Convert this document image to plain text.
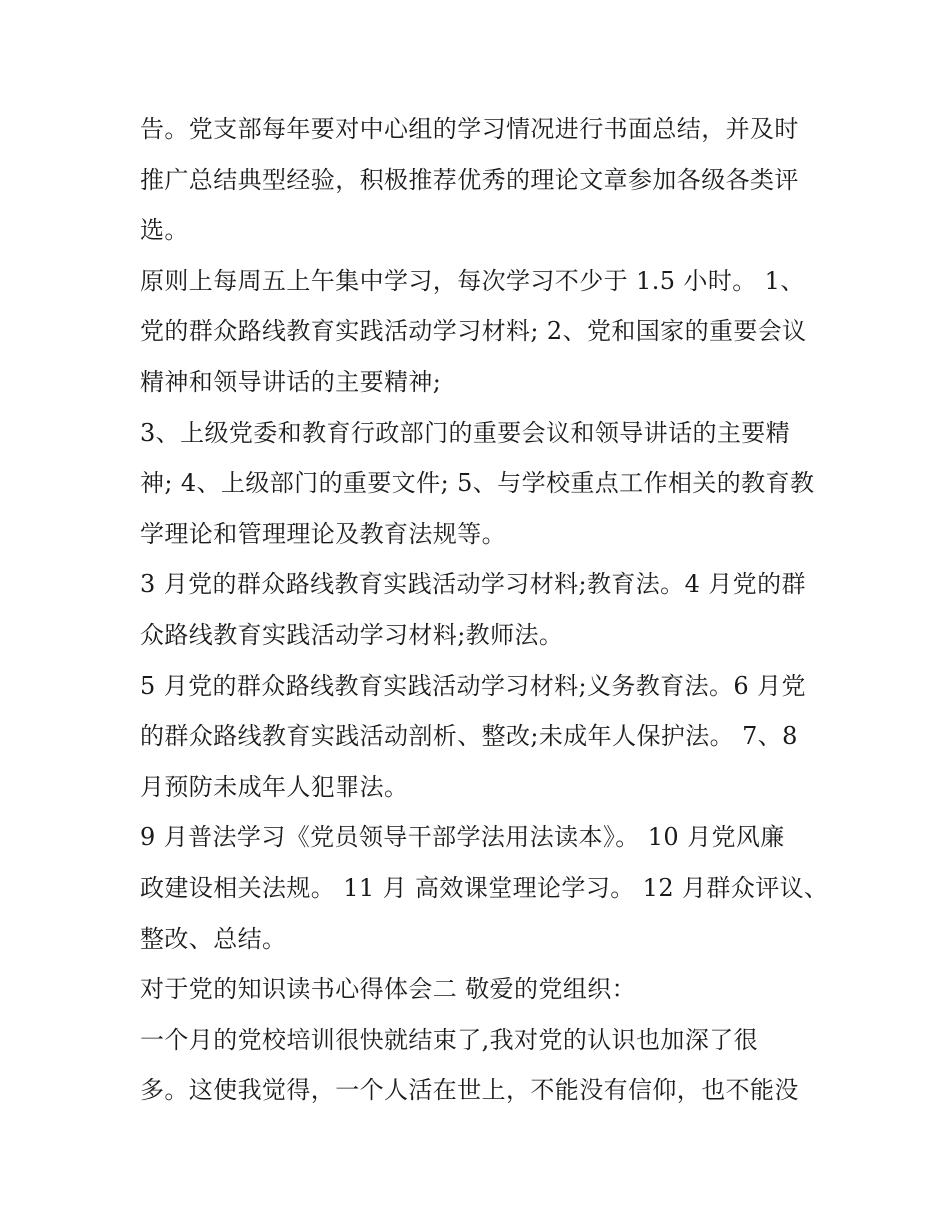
告。党支部每年要对中心组的学习情况进行书面总结，并及时
推广总结典型经验，积极推荐优秀的理论文章参加各级各类评
选。
原则上每周五上午集中学习，每次学习不少于 1.5 小时。 1、
党的群众路线教育实践活动学习材料; 2、党和国家的重要会议
精神和领导讲话的主要精神;
3、上级党委和教育行政部门的重要会议和领导讲话的主要精
神; 4、上级部门的重要文件; 5、与学校重点工作相关的教育教
学理论和管理理论及教育法规等。
3 月党的群众路线教育实践活动学习材料;教育法。4 月党的群
众路线教育实践活动学习材料;教师法。
5 月党的群众路线教育实践活动学习材料;义务教育法。6 月党
的群众路线教育实践活动剖析、整改;未成年人保护法。 7、8
月预防未成年人犯罪法。
9 月普法学习《党员领导干部学法用法读本》。 10 月党风廉
政建设相关法规。 11 月 高效课堂理论学习。 12 月群众评议、
整改、总结。
对于党的知识读书心得体会二 敬爱的党组织：
一个月的党校培训很快就结束了,我对党的认识也加深了很
多。这使我觉得，一个人活在世上，不能没有信仰，也不能没
